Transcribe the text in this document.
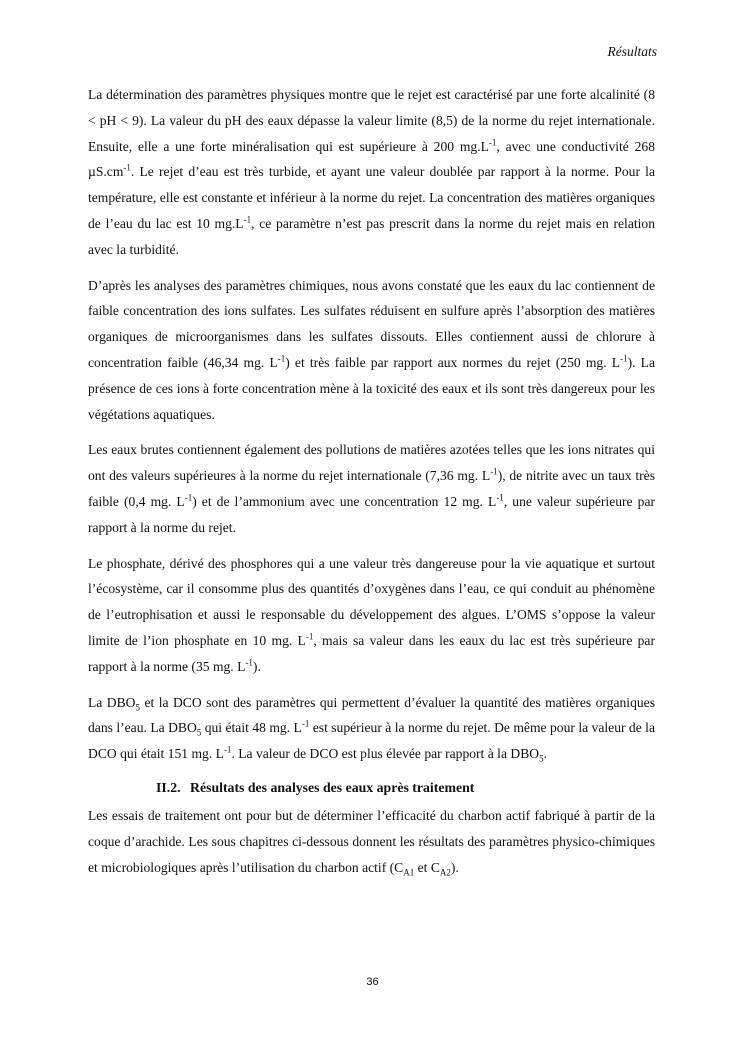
Résultats

La détermination des paramètres physiques montre que le rejet est caractérisé par une forte alcalinité (8 < pH < 9). La valeur du pH des eaux dépasse la valeur limite (8,5) de la norme du rejet internationale. Ensuite, elle a une forte minéralisation qui est supérieure à 200 $mg.L^{-1}$, avec une conductivité 268 $\mu S.cm^{-1}$. Le rejet d’eau est très turbide, et ayant une valeur doublée par rapport à la norme. Pour la température, elle est constante et inférieur à la norme du rejet. La concentration des matières organiques de l’eau du lac est 10 $mg.L^{-1}$, ce paramètre n’est pas prescrit dans la norme du rejet mais en relation avec la turbidité.

D’après les analyses des paramètres chimiques, nous avons constaté que les eaux du lac contiennent de faible concentration des ions sulfates. Les sulfates réduisent en sulfure après l’absorption des matières organiques de microorganismes dans les sulfates dissouts. Elles contiennent aussi de chlorure à concentration faible (46,34 mg. $L^{-1}$) et très faible par rapport aux normes du rejet (250 mg. $L^{-1}$). La présence de ces ions à forte concentration mène à la toxicité des eaux et ils sont très dangereux pour les végétations aquatiques.

Les eaux brutes contiennent également des pollutions de matières azotées telles que les ions nitrates qui ont des valeurs supérieures à la norme du rejet internationale (7,36 mg. $L^{-1}$), de nitrite avec un taux très faible (0,4 mg. $L^{-1}$) et de l’ammonium avec une concentration 12 mg. $L^{-1}$, une valeur supérieure par rapport à la norme du rejet.

Le phosphate, dérivé des phosphores qui a une valeur très dangereuse pour la vie aquatique et surtout l’écosystème, car il consomme plus des quantités d’oxygènes dans l’eau, ce qui conduit au phénomène de l’eutrophisation et aussi le responsable du développement des algues. L’OMS s’oppose la valeur limite de l’ion phosphate en 10 mg. $L^{-1}$, mais sa valeur dans les eaux du lac est très supérieure par rapport à la norme (35 mg. $L^{-1}$).

La $DBO_5$ et la DCO sont des paramètres qui permettent d’évaluer la quantité des matières organiques dans l’eau. La $DBO_5$ qui était 48 mg. $L^{-1}$ est supérieur à la norme du rejet. De même pour la valeur de la DCO qui était 151 mg. $L^{-1}$. La valeur de DCO est plus élevée par rapport à la $DBO_5$.

II.2. Résultats des analyses des eaux après traitement

Les essais de traitement ont pour but de déterminer l’efficacité du charbon actif fabriqué à partir de la coque d’arachide. Les sous chapitres ci-dessous donnent les résultats des paramètres physico-chimiques et microbiologiques après l’utilisation du charbon actif ($C_{A1}$ et $C_{A2}$).

36
